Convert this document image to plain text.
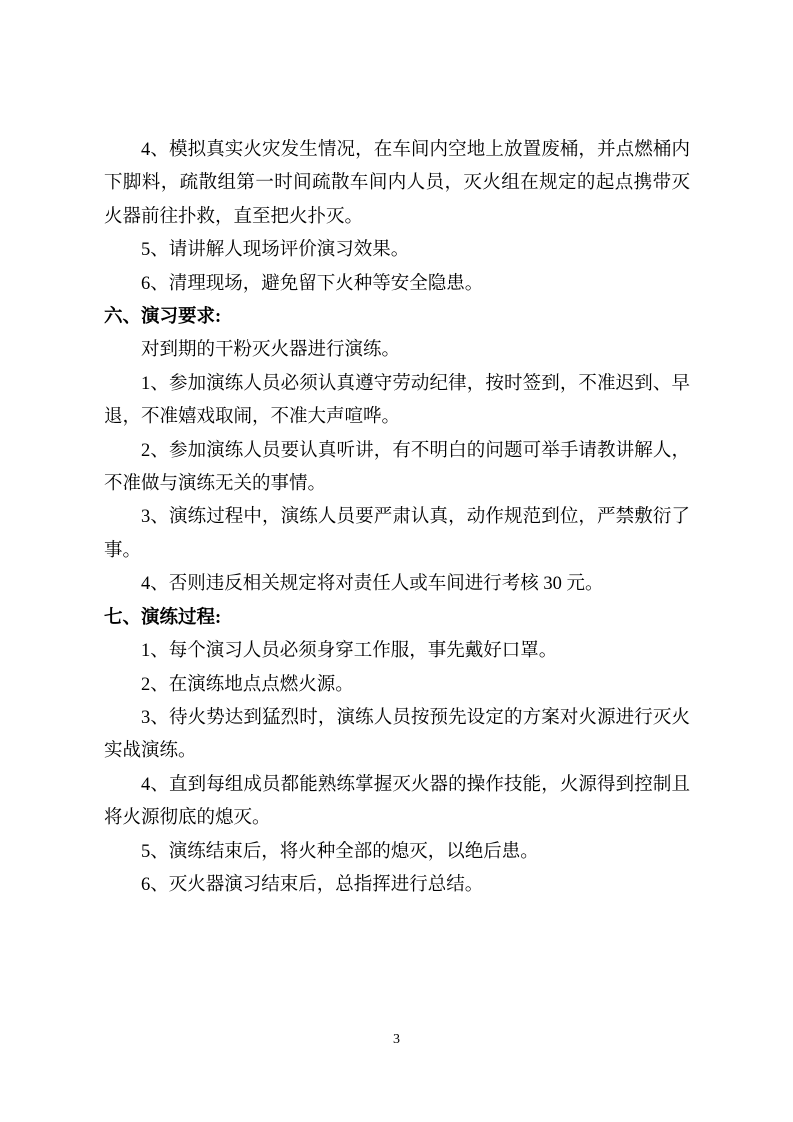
4、模拟真实火灾发生情况，在车间内空地上放置废桶，并点燃桶内下脚料，疏散组第一时间疏散车间内人员，灭火组在规定的起点携带灭火器前往扑救，直至把火扑灭。

5、请讲解人现场评价演习效果。

6、清理现场，避免留下火种等安全隐患。

六、演习要求:

对到期的干粉灭火器进行演练。

1、参加演练人员必须认真遵守劳动纪律，按时签到，不准迟到、早退，不准嬉戏取闹，不准大声喧哗。

2、参加演练人员要认真听讲，有不明白的问题可举手请教讲解人，不准做与演练无关的事情。

3、演练过程中，演练人员要严肃认真，动作规范到位，严禁敷衍了事。

4、否则违反相关规定将对责任人或车间进行考核 30 元。

七、演练过程:

1、每个演习人员必须身穿工作服，事先戴好口罩。

2、在演练地点点燃火源。

3、待火势达到猛烈时，演练人员按预先设定的方案对火源进行灭火实战演练。

4、直到每组成员都能熟练掌握灭火器的操作技能，火源得到控制且将火源彻底的熄灭。

5、演练结束后，将火种全部的熄灭，以绝后患。

6、灭火器演习结束后，总指挥进行总结。

3
